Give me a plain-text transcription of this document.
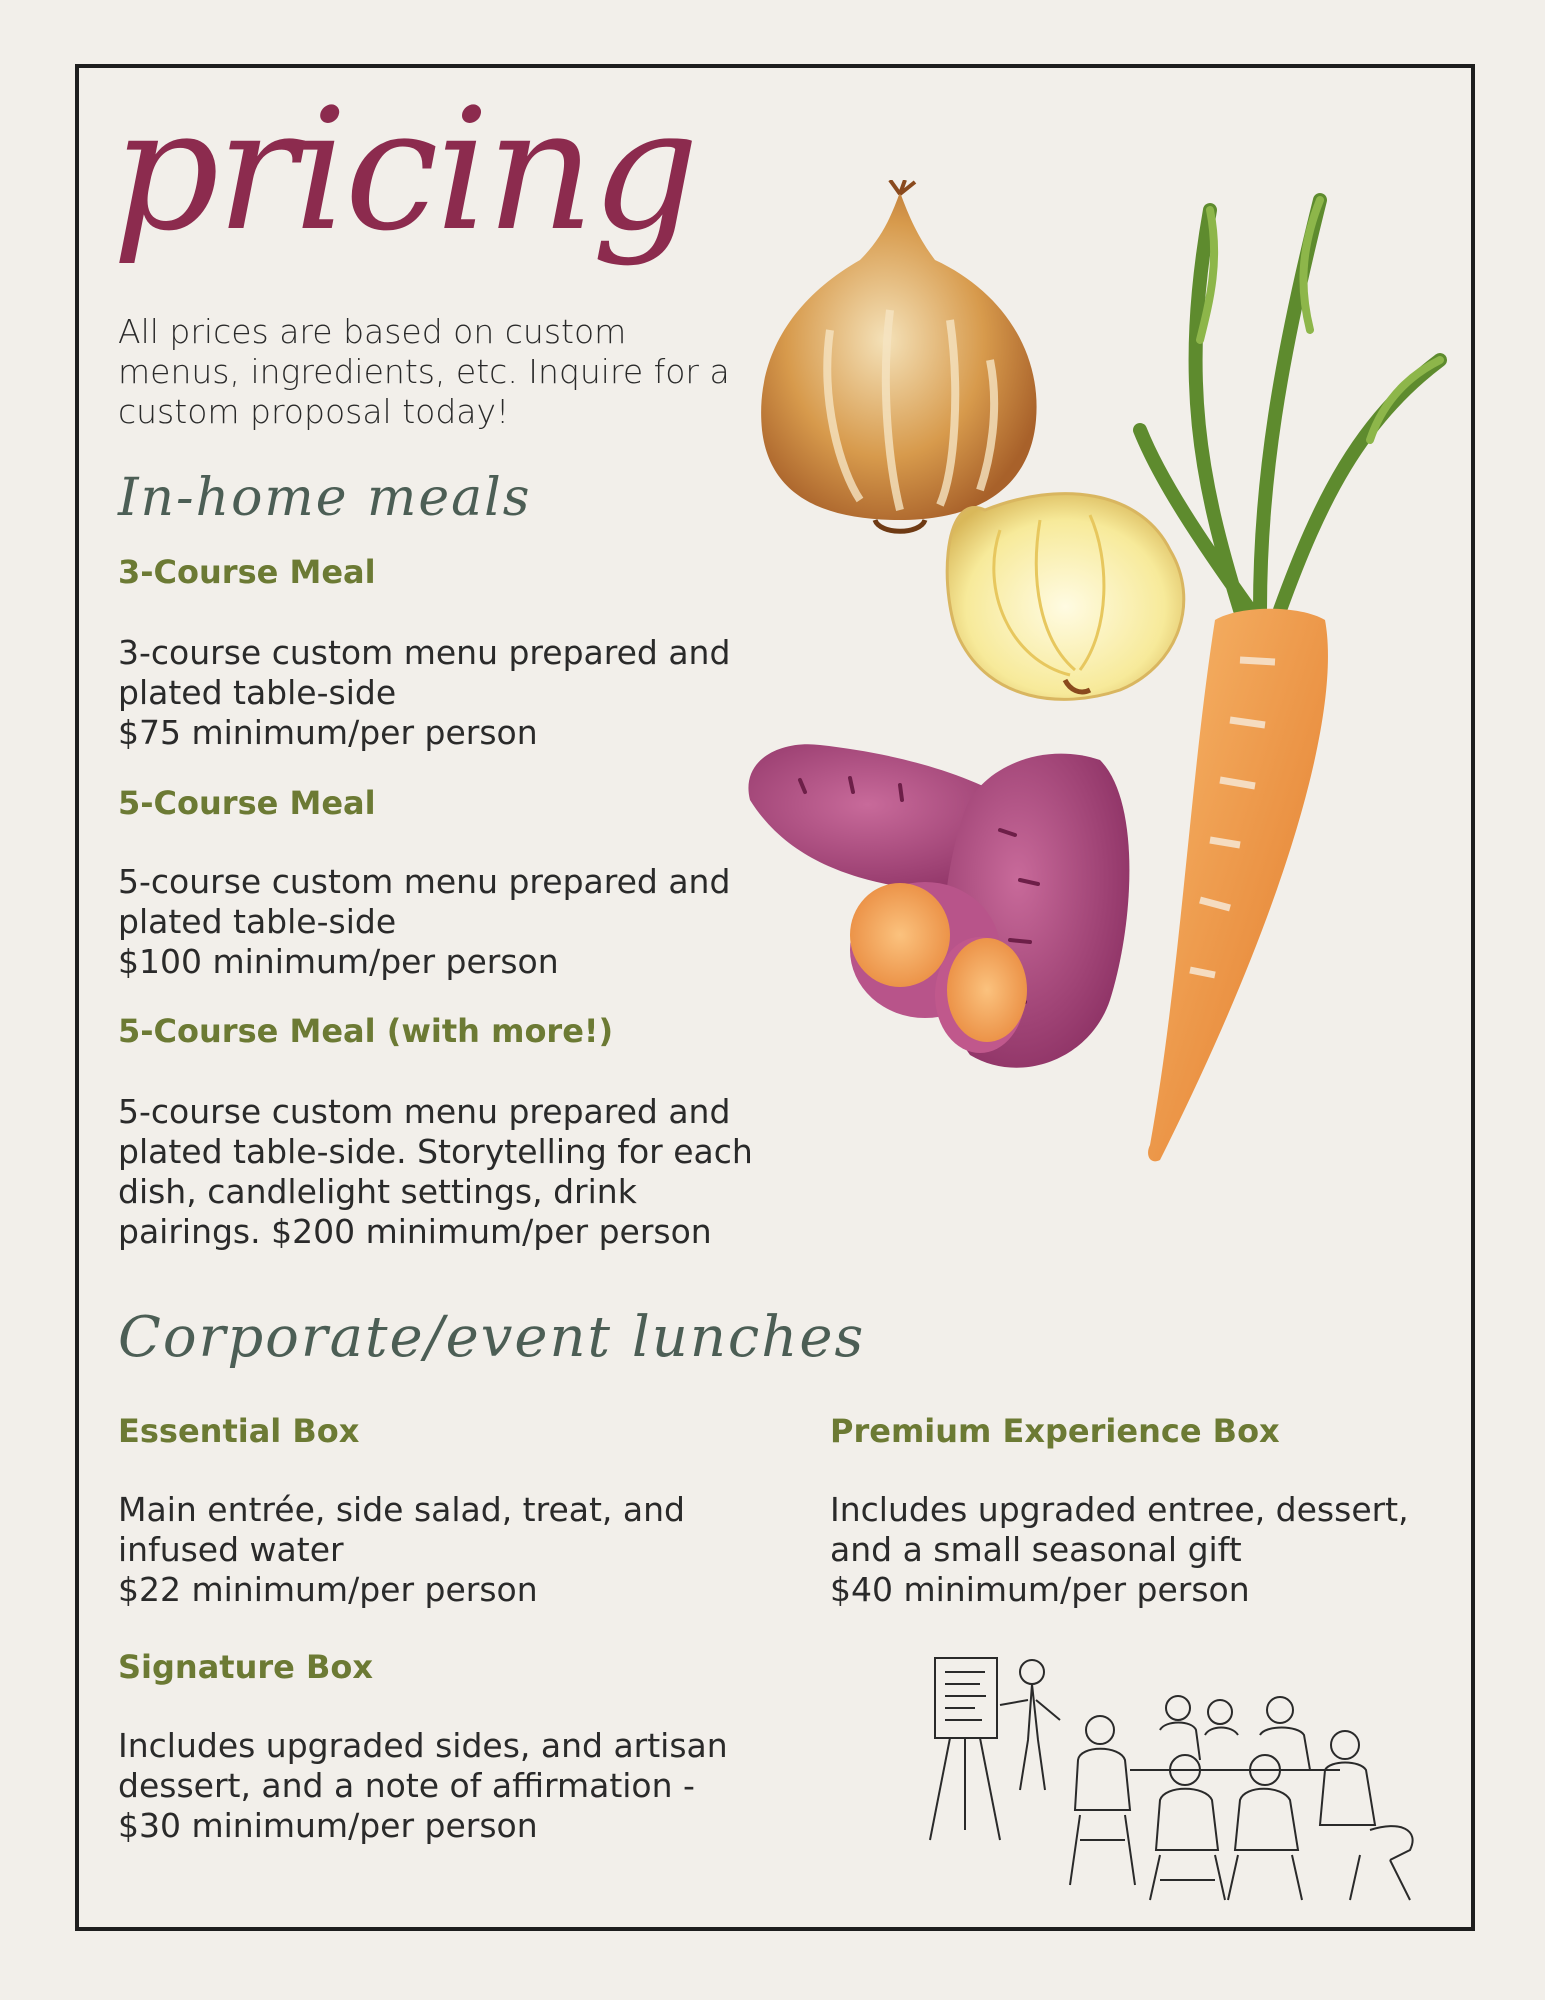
pricing

All prices are based on custom menus, ingredients, etc. Inquire for a custom proposal today!

In-home meals
3-Course Meal
3-course custom menu prepared and plated table-side
$75 minimum/per person
5-Course Meal
5-course custom menu prepared and plated table-side
$100 minimum/per person
5-Course Meal (with more!)
5-course custom menu prepared and plated table-side. Storytelling for each dish, candlelight settings, drink pairings. $200 minimum/per person
Corporate/event lunches
Essential Box
Main entrée, side salad, treat, and infused water
$22 minimum/per person
Premium Experience Box
Includes upgraded entree, dessert, and a small seasonal gift
$40 minimum/per person
Signature Box
Includes upgraded sides, and artisan dessert, and a note of affirmation -
$30 minimum/per person
